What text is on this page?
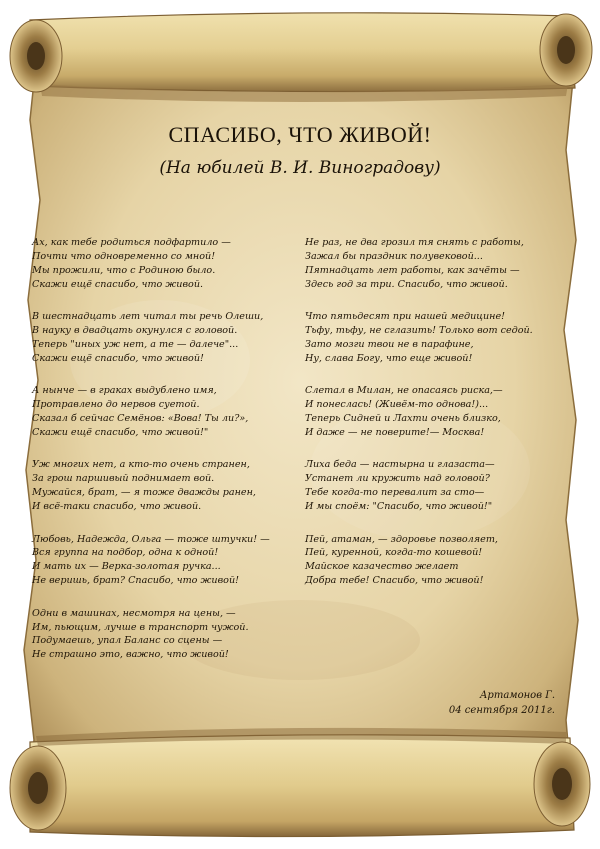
СПАСИБО, ЧТО ЖИВОЙ!
(На юбилей В. И. Виноградову)
Ах, как тебе родиться подфартило —
Почти что одновременно со мной!
Мы прожили, что с Родиною было.
Скажи ещё спасибо, что живой.
В шестнадцать лет читал ты речь Олеши,
В науку в двадцать окунулся с головой.
Теперь "иных уж нет, а те — далече"...
Скажи ещё спасибо, что живой!
А нынче — в граках выдублено имя,
Протравлено до нервов суетой.
Сказал б сейчас Семёнов: «Вова! Ты ли?»,
Скажи ещё спасибо, что живой!"
Уж многих нет, а кто-то очень странен,
За грош паршивый поднимает вой.
Мужайся, брат, — я тоже дважды ранен,
И всё-таки спасибо, что живой.
Любовь, Надежда, Ольга — тоже штучки! —
Вся группа на подбор, одна к одной!
И мать их — Верка-золотая ручка...
Не веришь, брат? Спасибо, что живой!
Одни в машинах, несмотря на цены, —
Им, пьющим, лучше в транспорт чужой.
Подумаешь, упал Баланс со сцены —
Не страшно это, важно, что живой!
Не раз, не два грозил тя снять с работы,
Зажал бы праздник полувековой...
Пятнадцать лет работы, как зачёты —
Здесь год за три. Спасибо, что живой.
Что пятьдесят при нашей медицине!
Тьфу, тьфу, не сглазить! Только вот седой.
Зато мозги твои не в парафине,
Ну, слава Богу, что еще живой!
Слетал в Милан, не опасаясь риска,—
И понеслась! (Живём-то однова!)...
Теперь Сидней и Лахти очень близко,
И даже — не поверите!— Москва!
Лиха беда — настырна и глазаста—
Устанет ли кружить над головой?
Тебе когда-то перевалит за сто—
И мы споём: "Спасибо, что живой!"
Пей, атаман, — здоровье позволяет,
Пей, куренной, когда-то кошевой!
Майское казачество желает
Добра тебе! Спасибо, что живой!
Артамонов Г.
04 сентября 2011г.
